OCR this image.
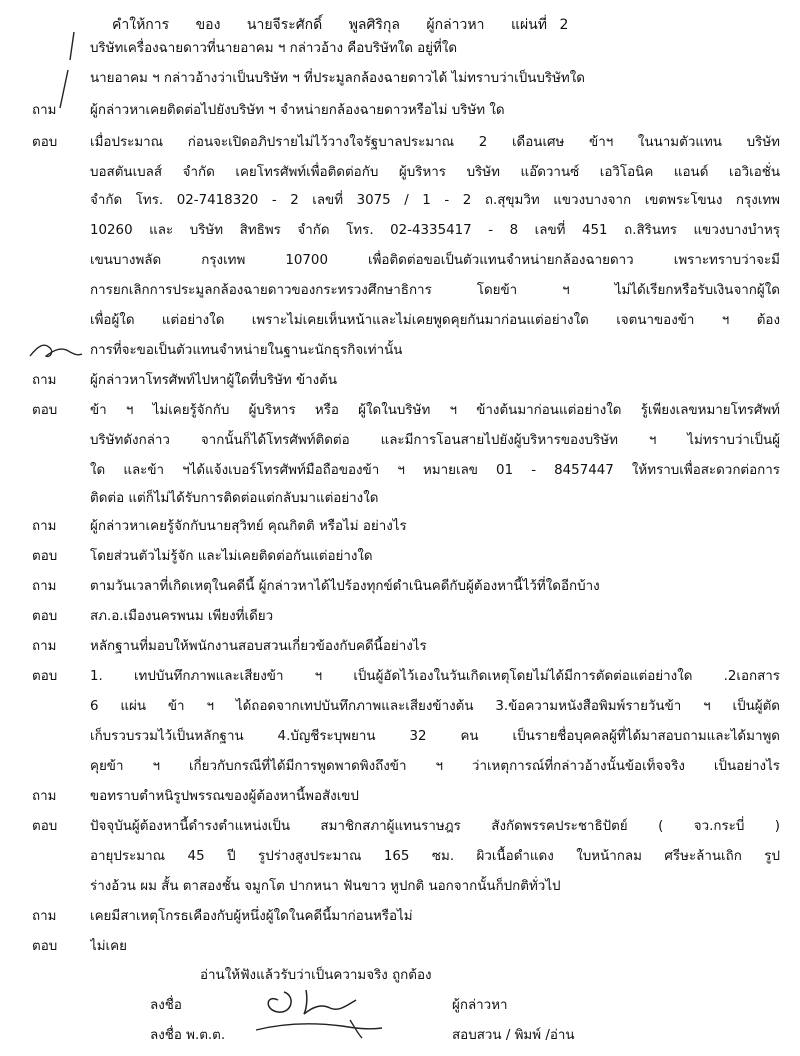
คำให้การ ของ นายจีระศักดิ์ พูลศิริกุล ผู้กล่าวหา แผ่นที่ 2
บริษัทเครื่องฉายดาวที่นายอาคม ฯ กล่าวอ้าง คือบริษัทใด อยู่ที่ใด
นายอาคม ฯ กล่าวอ้างว่าเป็นบริษัท ฯ ที่ประมูลกล้องฉายดาวได้ ไม่ทราบว่าเป็นบริษัทใด
ถาม	ผู้กล่าวหาเคยติดต่อไปยังบริษัท ฯ จำหน่ายกล้องฉายดาวหรือไม่ บริษัท ใด
ตอบ	เมื่อประมาณ ก่อนจะเปิดอภิปรายไม่ไว้วางใจรัฐบาลประมาณ 2 เดือนเศษ ข้าฯ ในนามตัวแทน บริษัท
บอสตันเบลส์ จำกัด เคยโทรศัพท์เพื่อติดต่อกับ ผู้บริหาร บริษัท แอ๊ดวานซ์ เอวิโอนิค แอนด์ เอวิเอชั่น
จำกัด โทร. 02-7418320 - 2 เลขที่ 3075 / 1 - 2 ถ.สุขุมวิท แขวงบางจาก เขตพระโขนง กรุงเทพ
10260 และ บริษัท สิทธิพร จำกัด โทร. 02-4335417 - 8 เลขที่ 451 ถ.สิรินทร แขวงบางบำหรุ
เขนบางพลัด กรุงเทพ 10700 เพื่อติดต่อขอเป็นตัวแทนจำหน่ายกล้องฉายดาว เพราะทราบว่าจะมี
การยกเลิกการประมูลกล้องฉายดาวของกระทรวงศึกษาธิการ โดยข้า ฯ ไม่ได้เรียกหรือรับเงินจากผู้ใด
เพื่อผู้ใด แต่อย่างใด เพราะไม่เคยเห็นหน้าและไม่เคยพูดคุยกันมาก่อนแต่อย่างใด เจตนาของข้า ฯ ต้อง
การที่จะขอเป็นตัวแทนจำหน่ายในฐานะนักธุรกิจเท่านั้น
ถาม	ผู้กล่าวหาโทรศัพท์ไปหาผู้ใดที่บริษัท ข้างต้น
ตอบ	ข้า ฯ ไม่เคยรู้จักกับ ผู้บริหาร หรือ ผู้ใดในบริษัท ฯ ข้างต้นมาก่อนแต่อย่างใด รู้เพียงเลขหมายโทรศัพท์
บริษัทดังกล่าว จากนั้นก็ได้โทรศัพท์ติดต่อ และมีการโอนสายไปยังผู้บริหารของบริษัท ฯ ไม่ทราบว่าเป็นผู้
ใด และข้า ฯได้แจ้งเบอร์โทรศัพท์มือถือของข้า ฯ หมายเลข 01 - 8457447 ให้ทราบเพื่อสะดวกต่อการ
ติดต่อ แต่ก็ไม่ได้รับการติดต่อแต่กลับมาแต่อย่างใด
ถาม	ผู้กล่าวหาเคยรู้จักกับนายสุวิทย์ คุณกิตติ หรือไม่ อย่างไร
ตอบ	โดยส่วนตัวไม่รู้จัก และไม่เคยติดต่อกันแต่อย่างใด
ถาม	ตามวันเวลาที่เกิดเหตุในคดีนี้ ผู้กล่าวหาได้ไปร้องทุกข์ดำเนินคดีกับผู้ต้องหานี้ไว้ที่ใดอีกบ้าง
ตอบ	สภ.อ.เมืองนครพนม เพียงที่เดียว
ถาม	หลักฐานที่มอบให้พนักงานสอบสวนเกี่ยวข้องกับคดีนี้อย่างไร
ตอบ	1. เทปบันทึกภาพและเสียงข้า ฯ เป็นผู้อัดไว้เองในวันเกิดเหตุโดยไม่ได้มีการตัดต่อแต่อย่างใด .2เอกสาร
6 แผ่น ข้า ฯ ได้ถอดจากเทปบันทึกภาพและเสียงข้างต้น 3.ข้อความหนังสือพิมพ์รายวันข้า ฯ เป็นผู้ตัด
เก็บรวบรวมไว้เป็นหลักฐาน 4.บัญชีระบุพยาน 32 คน เป็นรายชื่อบุคคลผู้ที่ได้มาสอบถามและได้มาพูด
คุยข้า ฯ เกี่ยวกับกรณีที่ได้มีการพูดพาดพิงถึงข้า ฯ ว่าเหตุการณ์ที่กล่าวอ้างนั้นข้อเท็จจริง เป็นอย่างไร
ถาม	ขอทราบตำหนิรูปพรรณของผู้ต้องหานี้พอสังเขป
ตอบ	ปัจจุบันผู้ต้องหานี้ดำรงตำแหน่งเป็น สมาชิกสภาผู้แทนราษฎร สังกัดพรรคประชาธิปัตย์ ( จว.กระบี่ )
อายุประมาณ 45 ปี รูปร่างสูงประมาณ 165 ซม. ผิวเนื้อดำแดง ใบหน้ากลม ศรีษะล้านเถิก รูป
ร่างอ้วน ผม สั้น ตาสองชั้น จมูกโต ปากหนา ฟันขาว หูปกติ นอกจากนั้นก็ปกติทั่วไป
ถาม	เคยมีสาเหตุโกรธเคืองกับผู้หนึ่งผู้ใดในคดีนี้มาก่อนหรือไม่
ตอบ	ไม่เคย
อ่านให้ฟังแล้วรับว่าเป็นความจริง ถูกต้อง
ลงชื่อ	ผู้กล่าวหา
ลงชื่อ พ.ต.ต.	สอบสวน / พิมพ์ /อ่าน
